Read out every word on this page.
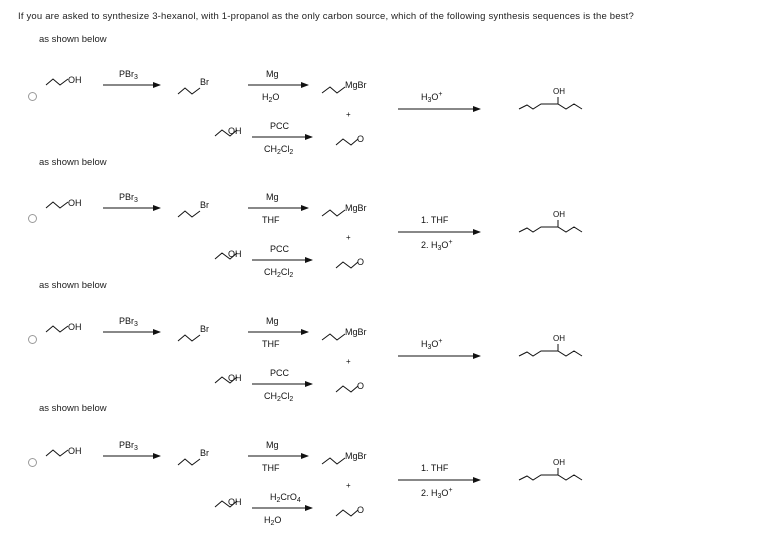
If you are asked to synthesize 3-hexanol, with 1-propanol as the only carbon source, which of the following synthesis sequences is the best?
as shown below
as shown below
as shown below
as shown below
OH
PBr$_3$	Br
Mg
$H_2O$
MgBr
+
OH	PCC
$CH_2Cl_2$
O
$H_3O^+$	OH
OH
PBr$_3$	Br
Mg
THF
MgBr
+
OH	PCC
$CH_2Cl_2$
O
1. THF
2. $H_3O^+$
OH
OH
PBr$_3$	Br
Mg
THF
MgBr
+
OH	PCC
$CH_2Cl_2$
O
$H_3O^+$	OH
OH
PBr$_3$	Br
Mg
THF
MgBr
+
OH	$H_2CrO_4$
$H_2O$
O
1. THF
2. $H_3O^+$
OH
